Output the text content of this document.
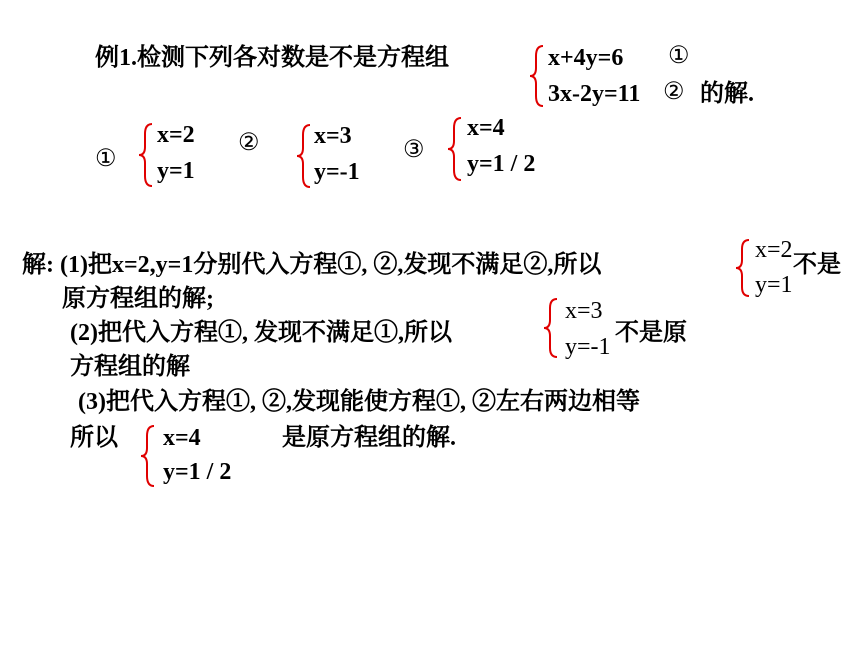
例1.检测下列各对数是不是方程组	x+4y=6 ①
3x-2y=11 ② 的解.
①
x=2
y=1
② x=3
y=-1
③
x=4
y=1 / 2
解: (1)把x=2,y=1分别代入方程①, ②,发现不满足②,所以
x=2
y=1
不是
原方程组的解;
(2)把代入方程①, 发现不满足①,所以
x=3
y=-1
不是原
方程组的解
(3)把代入方程①, ②,发现能使方程①, ②左右两边相等
所以 x=4	是原方程组的解.
y=1 / 2
